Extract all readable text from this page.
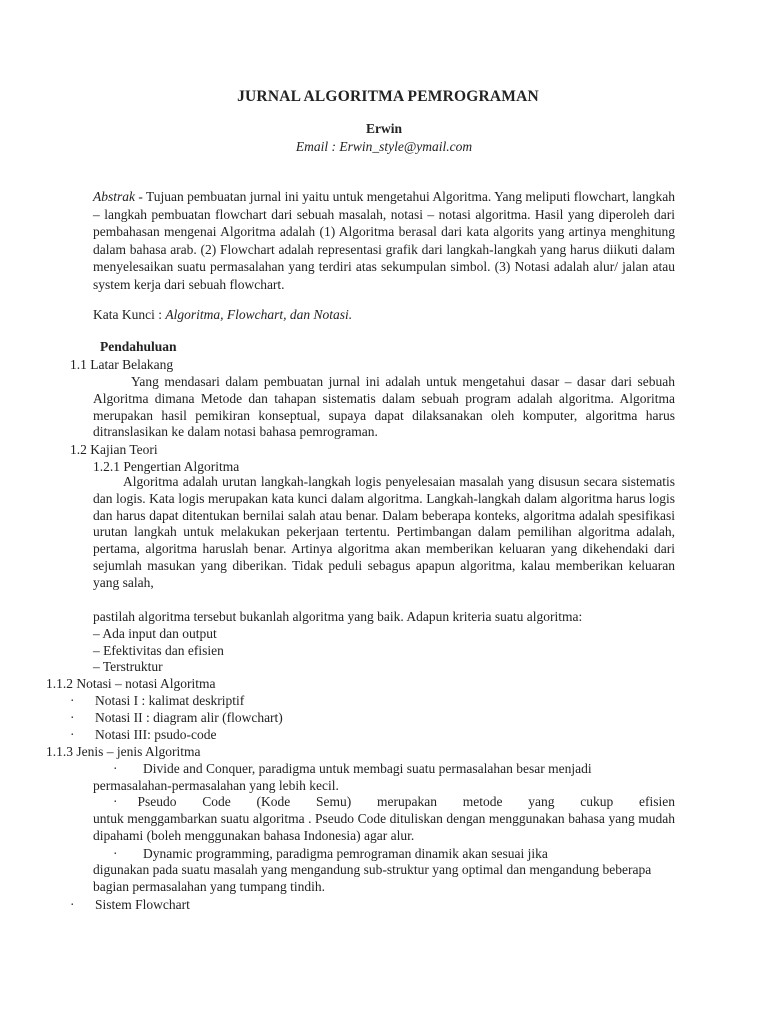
JURNAL ALGORITMA PEMROGRAMAN
Erwin
Email : Erwin_style@ymail.com
Abstrak - Tujuan pembuatan jurnal ini yaitu untuk mengetahui Algoritma. Yang meliputi flowchart, langkah – langkah pembuatan flowchart dari sebuah masalah, notasi – notasi algoritma. Hasil yang diperoleh dari pembahasan mengenai Algoritma adalah (1) Algoritma berasal dari kata algorits yang artinya menghitung dalam bahasa arab. (2) Flowchart adalah representasi grafik dari langkah-langkah yang harus diikuti dalam menyelesaikan suatu permasalahan yang terdiri atas sekumpulan simbol. (3) Notasi adalah alur/ jalan atau system kerja dari sebuah flowchart.
Kata Kunci : Algoritma, Flowchart, dan Notasi.
Pendahuluan
1.1 Latar Belakang
Yang mendasari dalam pembuatan jurnal ini adalah untuk mengetahui dasar – dasar dari sebuah Algoritma dimana Metode dan tahapan sistematis dalam sebuah program adalah algoritma. Algoritma merupakan hasil pemikiran konseptual, supaya dapat dilaksanakan oleh komputer, algoritma harus ditranslasikan ke dalam notasi bahasa pemrograman.
1.2 Kajian Teori
1.2.1 Pengertian Algoritma
Algoritma adalah urutan langkah-langkah logis penyelesaian masalah yang disusun secara sistematis dan logis. Kata logis merupakan kata kunci dalam algoritma. Langkah-langkah dalam algoritma harus logis dan harus dapat ditentukan bernilai salah atau benar. Dalam beberapa konteks, algoritma adalah spesifikasi urutan langkah untuk melakukan pekerjaan tertentu. Pertimbangan dalam pemilihan algoritma adalah, pertama, algoritma haruslah benar. Artinya algoritma akan memberikan keluaran yang dikehendaki dari sejumlah masukan yang diberikan. Tidak peduli sebagus apapun algoritma, kalau memberikan keluaran yang salah,
pastilah algoritma tersebut bukanlah algoritma yang baik. Adapun kriteria suatu algoritma:
– Ada input dan output
– Efektivitas dan efisien
– Terstruktur
1.1.2 Notasi – notasi Algoritma
· Notasi I : kalimat deskriptif
· Notasi II : diagram alir (flowchart)
· Notasi III: psudo-code
1.1.3 Jenis – jenis Algoritma
· Divide and Conquer, paradigma untuk membagi suatu permasalahan besar menjadi
permasalahan-permasalahan yang lebih kecil.
·	Pseudo Code (Kode Semu) merupakan metode yang cukup efisien
untuk menggambarkan suatu algoritma . Pseudo Code dituliskan dengan menggunakan bahasa yang mudah dipahami (boleh menggunakan bahasa Indonesia) agar alur.
· Dynamic programming, paradigma pemrograman dinamik akan sesuai jika
digunakan pada suatu masalah yang mengandung sub-struktur yang optimal dan mengandung beberapa bagian permasalahan yang tumpang tindih.
· Sistem Flowchart
